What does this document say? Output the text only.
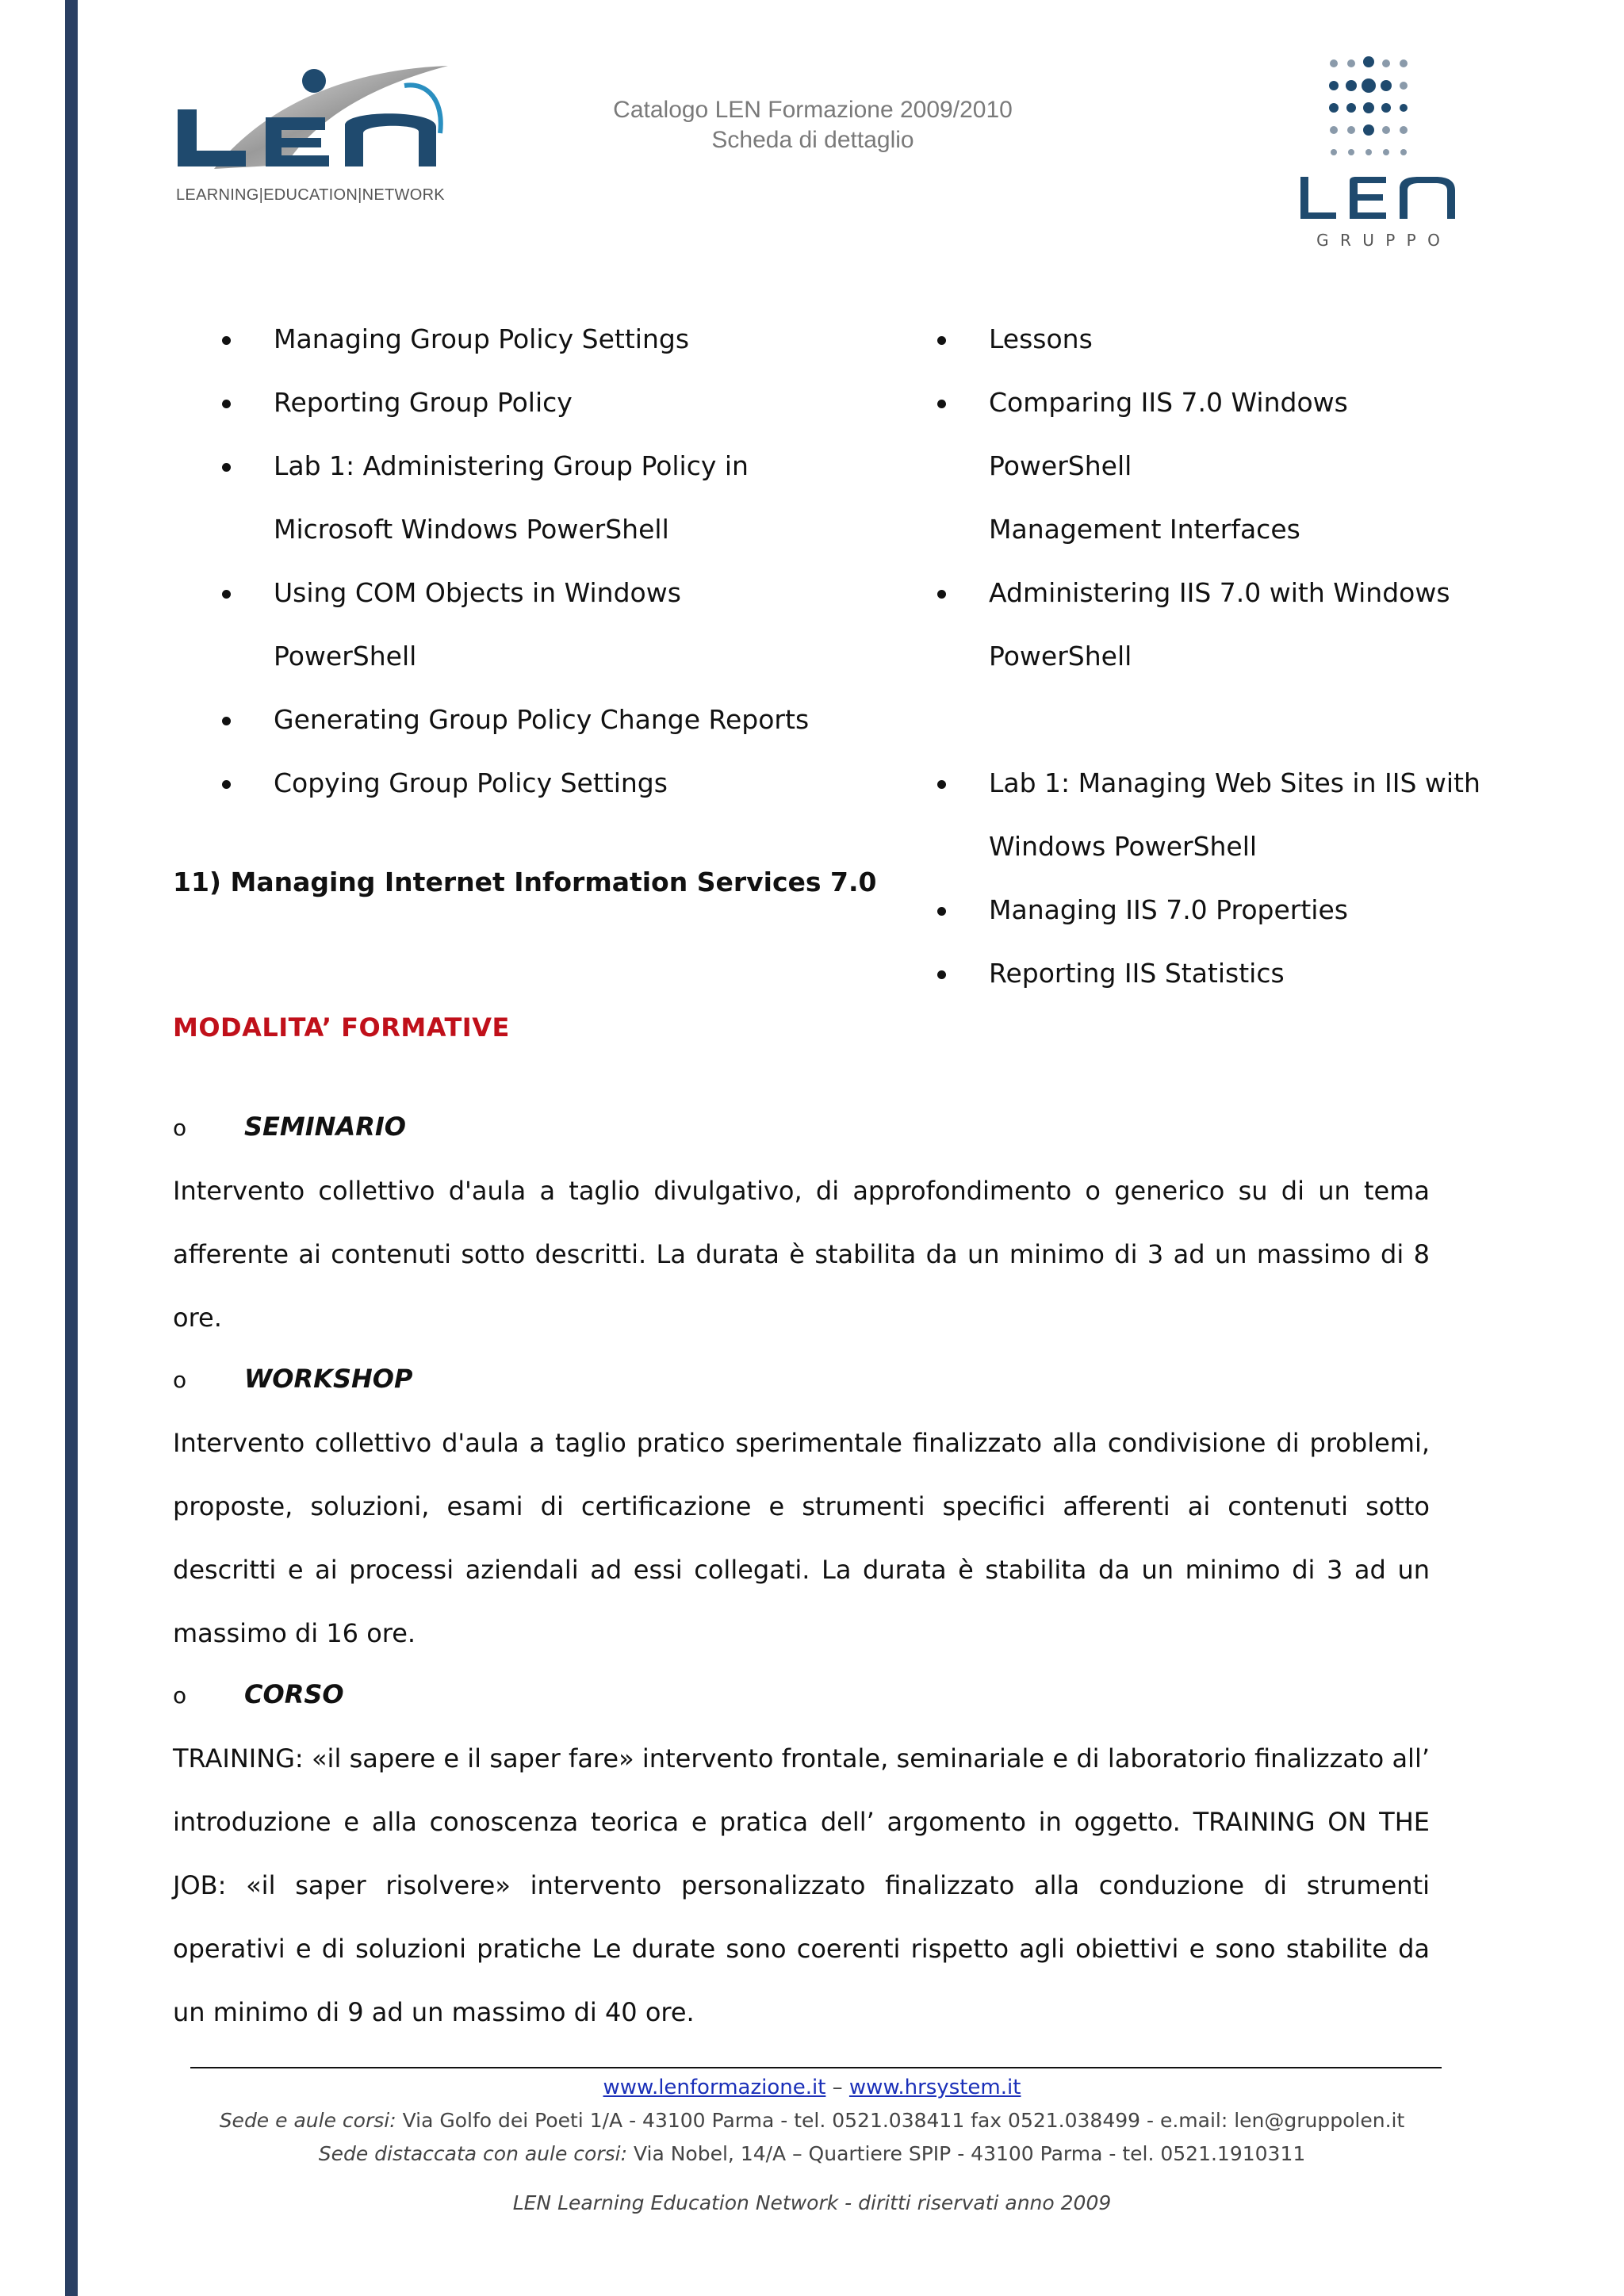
LEARNING|EDUCATION|NETWORK
Catalogo LEN Formazione 2009/2010
Scheda di dettaglio
G R U P P O
Managing Group Policy Settings
Reporting Group Policy
Lab 1: Administering Group Policy in
Microsoft Windows PowerShell
Using COM Objects in Windows
PowerShell
Generating Group Policy Change Reports
Copying Group Policy Settings
11) Managing Internet Information Services 7.0
Lessons
Comparing IIS 7.0 Windows PowerShell
Management Interfaces
Administering IIS 7.0 with Windows
PowerShell
Lab 1: Managing Web Sites in IIS with
Windows PowerShell
Managing IIS 7.0 Properties
Reporting IIS Statistics
MODALITA’ FORMATIVE
o SEMINARIO
Intervento collettivo d'aula a taglio divulgativo, di approfondimento o generico su di un tema afferente ai contenuti sotto descritti. La durata è stabilita da un minimo di 3 ad un massimo di 8 ore.
o WORKSHOP
Intervento collettivo d'aula a taglio pratico sperimentale finalizzato alla condivisione di problemi, proposte, soluzioni, esami di certificazione e strumenti specifici afferenti ai contenuti sotto descritti e ai processi aziendali ad essi collegati. La durata è stabilita da un minimo di 3 ad un massimo di 16 ore.
o CORSO
TRAINING: «il sapere e il saper fare» intervento frontale, seminariale e di laboratorio finalizzato all’ introduzione e alla conoscenza teorica e pratica dell’ argomento in oggetto. TRAINING ON THE JOB: «il saper risolvere» intervento personalizzato finalizzato alla conduzione di strumenti operativi e di soluzioni pratiche Le durate sono coerenti rispetto agli obiettivi e sono stabilite da un minimo di 9 ad un massimo di 40 ore.
www.lenformazione.it – www.hrsystem.it
Sede e aule corsi: Via Golfo dei Poeti 1/A - 43100 Parma - tel. 0521.038411 fax 0521.038499 - e.mail: len@gruppolen.it
Sede distaccata con aule corsi: Via Nobel, 14/A – Quartiere SPIP - 43100 Parma - tel. 0521.1910311
LEN Learning Education Network - diritti riservati anno 2009
